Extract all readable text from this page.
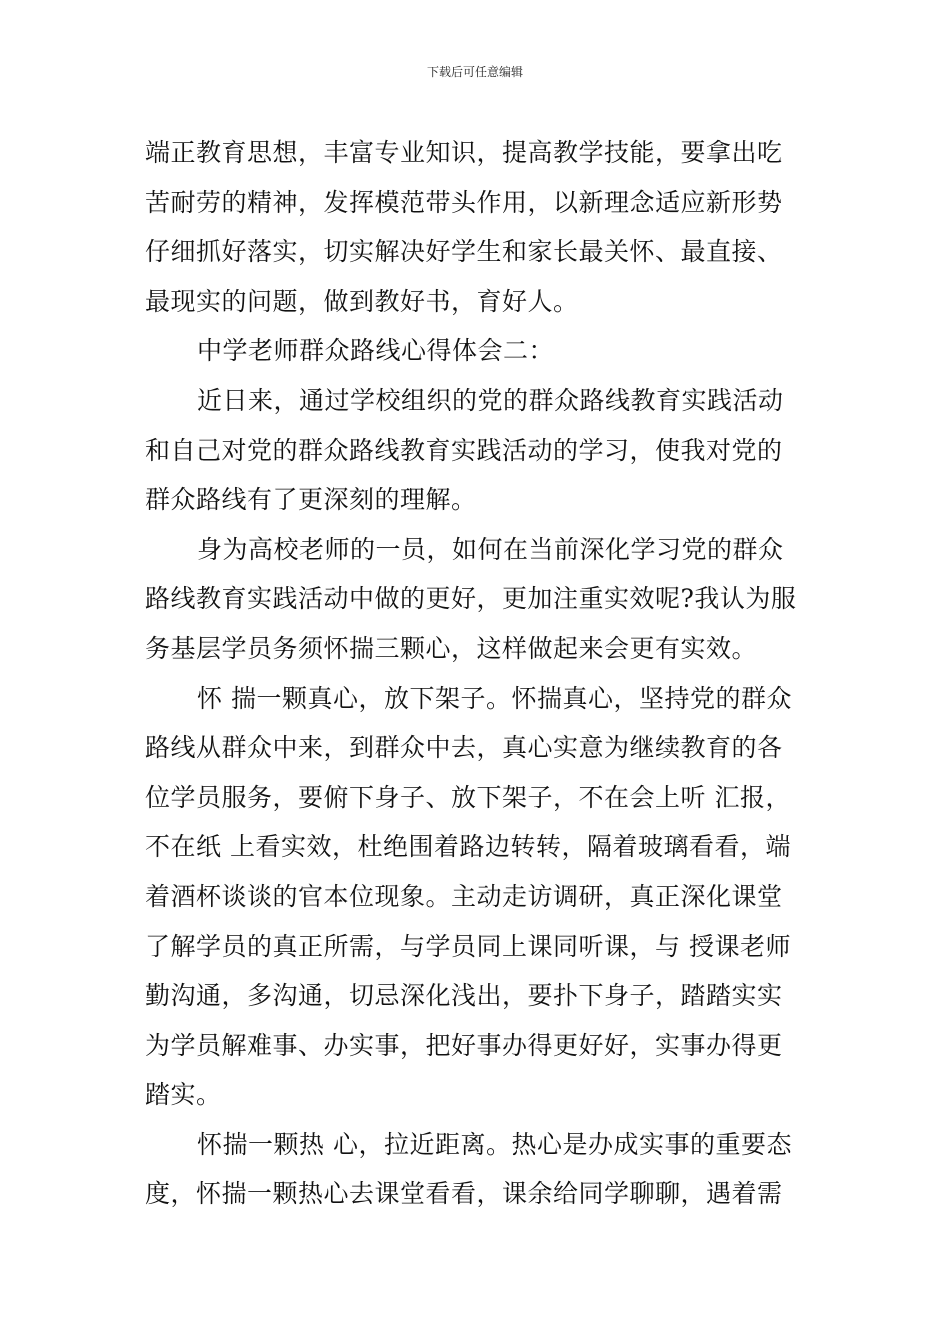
下载后可任意编辑
端正教育思想，丰富专业知识，提高教学技能，要拿出吃
苦耐劳的精神，发挥模范带头作用，以新理念适应新形势
仔细抓好落实，切实解决好学生和家长最关怀、最直接、
最现实的问题，做到教好书，育好人。
中学老师群众路线心得体会二：
近日来，通过学校组织的党的群众路线教育实践活动
和自己对党的群众路线教育实践活动的学习，使我对党的
群众路线有了更深刻的理解。
身为高校老师的一员，如何在当前深化学习党的群众
路线教育实践活动中做的更好，更加注重实效呢?我认为服
务基层学员务须怀揣三颗心，这样做起来会更有实效。
怀 揣一颗真心，放下架子。怀揣真心，坚持党的群众
路线从群众中来，到群众中去，真心实意为继续教育的各
位学员服务，要俯下身子、放下架子，不在会上听 汇报，
不在纸 上看实效，杜绝围着路边转转，隔着玻璃看看，端
着酒杯谈谈的官本位现象。主动走访调研，真正深化课堂
了解学员的真正所需，与学员同上课同听课，与 授课老师
勤沟通，多沟通，切忌深化浅出，要扑下身子，踏踏实实
为学员解难事、办实事，把好事办得更好好，实事办得更
踏实。
怀揣一颗热 心，拉近距离。热心是办成实事的重要态
度，怀揣一颗热心去课堂看看，课余给同学聊聊，遇着需
